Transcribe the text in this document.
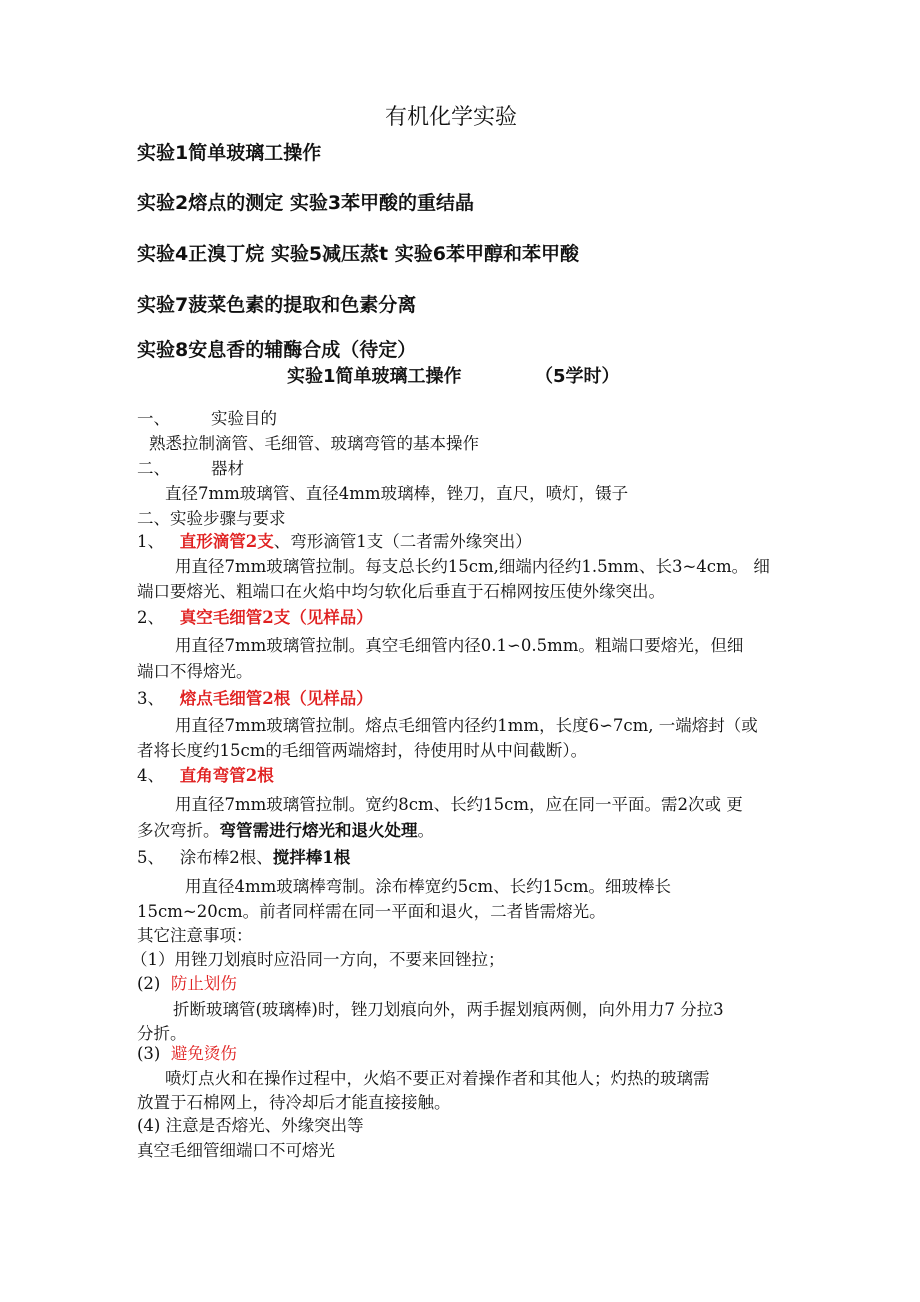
有机化学实验
实验1简单玻璃工操作
实验2熔点的测定 实验3苯甲酸的重结晶
实验4正溴丁烷 实验5减压蒸t 实验6苯甲醇和苯甲酸
实验7菠菜色素的提取和色素分离
实验8安息香的辅酶合成（待定）
实验1简单玻璃工操作	（5学时）
一、 实验目的
熟悉拉制滴管、毛细管、玻璃弯管的基本操作
二、 器材
直径7mm玻璃管、直径4mm玻璃棒，锉刀，直尺，喷灯，镊子
二、实验步骤与要求
1、 直形滴管2支、弯形滴管1支（二者需外缘突出）
用直径7mm玻璃管拉制。每支总长约15cm,细端内径约1.5mm、长3~4cm。 细
端口要熔光、粗端口在火焰中均匀软化后垂直于石棉网按压使外缘突出。
2、 真空毛细管2支（见样品）
用直径7mm玻璃管拉制。真空毛细管内径0.1∽0.5mm。粗端口要熔光，但细
端口不得熔光。
3、 熔点毛细管2根（见样品）
用直径7mm玻璃管拉制。熔点毛细管内径约1mm，长度6∽7cm, 一端熔封（或
者将长度约15cm的毛细管两端熔封，待使用时从中间截断）。
4、 直角弯管2根
用直径7mm玻璃管拉制。宽约8cm、长约15cm，应在同一平面。需2次或 更
多次弯折。弯管需进行熔光和退火处理。
5、 涂布棒2根、搅拌棒1根
用直径4mm玻璃棒弯制。涂布棒宽约5cm、长约15cm。细玻棒长
15cm~20cm。前者同样需在同一平面和退火，二者皆需熔光。
其它注意事项：
（1）用锉刀划痕时应沿同一方向，不要来回锉拉；
(2) 防止划伤
折断玻璃管(玻璃棒)时，锉刀划痕向外，两手握划痕两侧，向外用力7 分拉3
分折。
(3) 避免烫伤
喷灯点火和在操作过程中，火焰不要正对着操作者和其他人；灼热的玻璃需
放置于石棉网上，待冷却后才能直接接触。
(4) 注意是否熔光、外缘突出等
真空毛细管细端口不可熔光
